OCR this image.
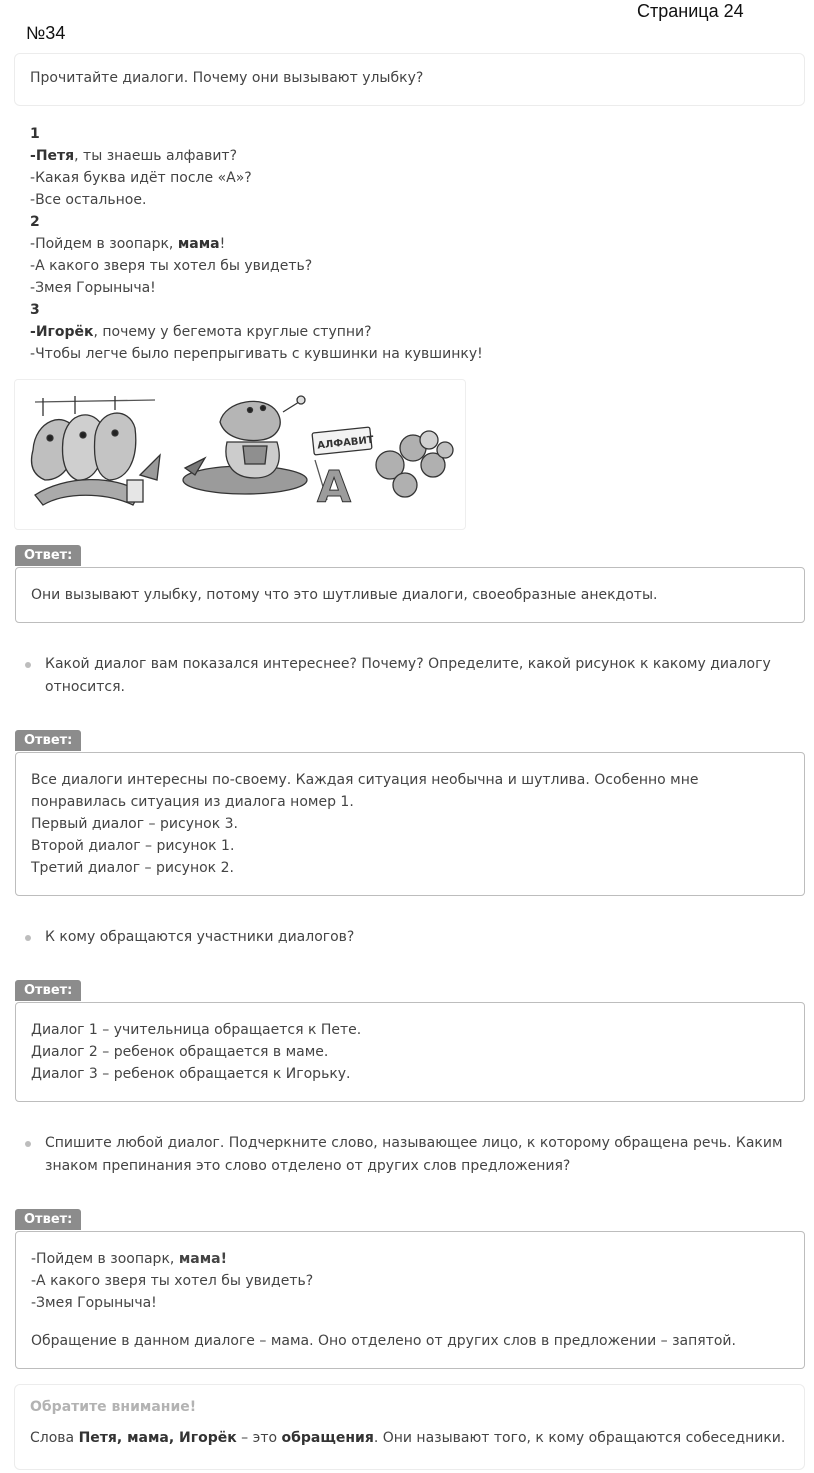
Страница 24
№34
Прочитайте диалоги. Почему они вызывают улыбку?
1
-Петя, ты знаешь алфавит?
-Какая буква идёт после «А»?
-Все остальное.
2
-Пойдем в зоопарк, мама!
-А какого зверя ты хотел бы увидеть?
-Змея Горыныча!
3
-Игорёк, почему у бегемота круглые ступни?
-Чтобы легче было перепрыгивать с кувшинки на кувшинку!
АЛФАВИТ
А
Ответ:
Они вызывают улыбку, потому что это шутливые диалоги, своеобразные анекдоты.
Какой диалог вам показался интереснее? Почему? Определите, какой рисунок к какому диалогу относится.
Ответ:
Все диалоги интересны по-своему. Каждая ситуация необычна и шутлива. Особенно мне понравилась ситуация из диалога номер 1.
Первый диалог – рисунок 3.
Второй диалог – рисунок 1.
Третий диалог – рисунок 2.
К кому обращаются участники диалогов?
Ответ:
Диалог 1 – учительница обращается к Пете.
Диалог 2 – ребенок обращается в маме.
Диалог 3 – ребенок обращается к Игорьку.
Спишите любой диалог. Подчеркните слово, называющее лицо, к которому обращена речь. Каким знаком препинания это слово отделено от других слов предложения?
Ответ:
-Пойдем в зоопарк, мама!
-А какого зверя ты хотел бы увидеть?
-Змея Горыныча!
Обращение в данном диалоге – мама. Оно отделено от других слов в предложении – запятой.
Обратите внимание!
Слова Петя, мама, Игорёк – это обращения. Они называют того, к кому обращаются собеседники.
